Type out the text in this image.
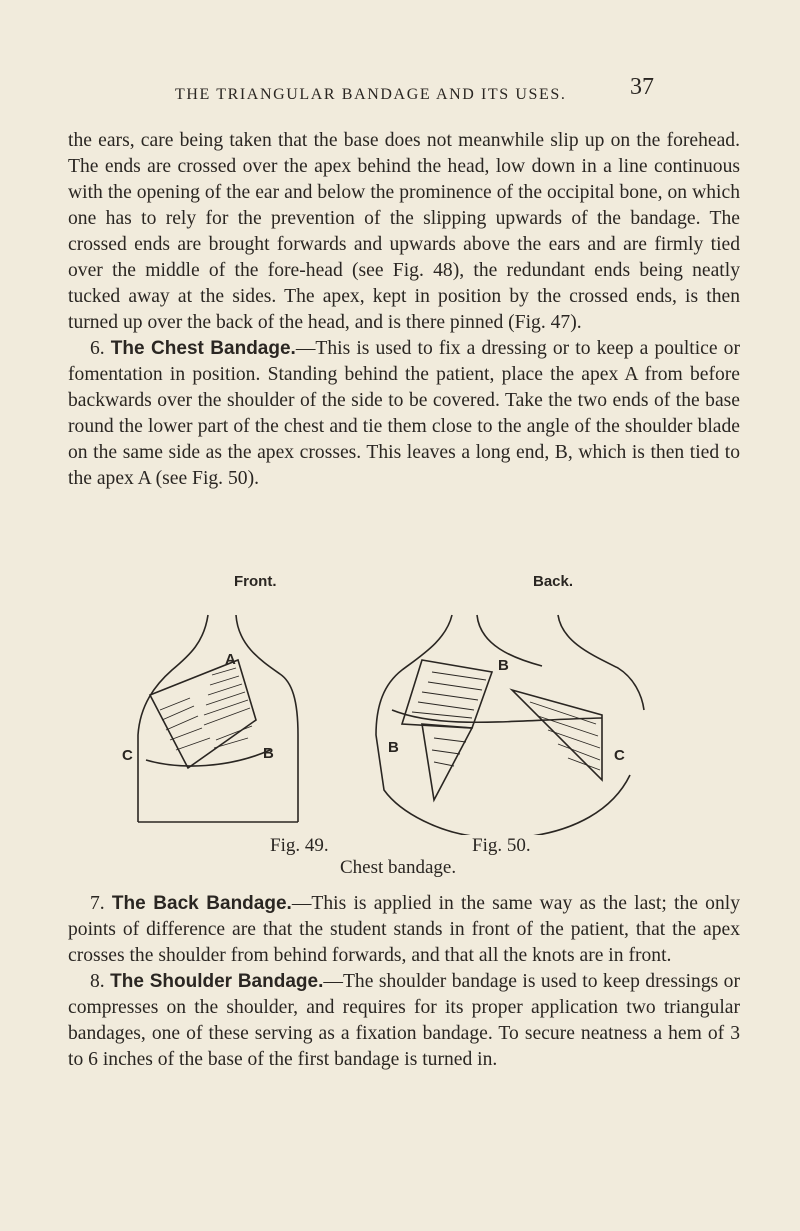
THE TRIANGULAR BANDAGE AND ITS USES.	37

the ears, care being taken that the base does not meanwhile slip up on the forehead. The ends are crossed over the apex behind the head, low down in a line continuous with the opening of the ear and below the prominence of the occipital bone, on which one has to rely for the prevention of the slipping upwards of the bandage. The crossed ends are brought forwards and upwards above the ears and are firmly tied over the middle of the fore-head (see Fig. 48), the redundant ends being neatly tucked away at the sides. The apex, kept in position by the crossed ends, is then turned up over the back of the head, and is there pinned (Fig. 47).

6. The Chest Bandage.—This is used to fix a dressing or to keep a poultice or fomentation in position. Standing behind the patient, place the apex A from before backwards over the shoulder of the side to be covered. Take the two ends of the base round the lower part of the chest and tie them close to the angle of the shoulder blade on the same side as the apex crosses. This leaves a long end, B, which is then tied to the apex A (see Fig. 50).

Front.	Back.
A
B
C
B
B	C
Fig. 49.	Fig. 50.
Chest bandage.

7. The Back Bandage.—This is applied in the same way as the last; the only points of difference are that the student stands in front of the patient, that the apex crosses the shoulder from behind forwards, and that all the knots are in front.

8. The Shoulder Bandage.—The shoulder bandage is used to keep dressings or compresses on the shoulder, and requires for its proper application two triangular bandages, one of these serving as a fixation bandage. To secure neatness a hem of 3 to 6 inches of the base of the first bandage is turned in.
